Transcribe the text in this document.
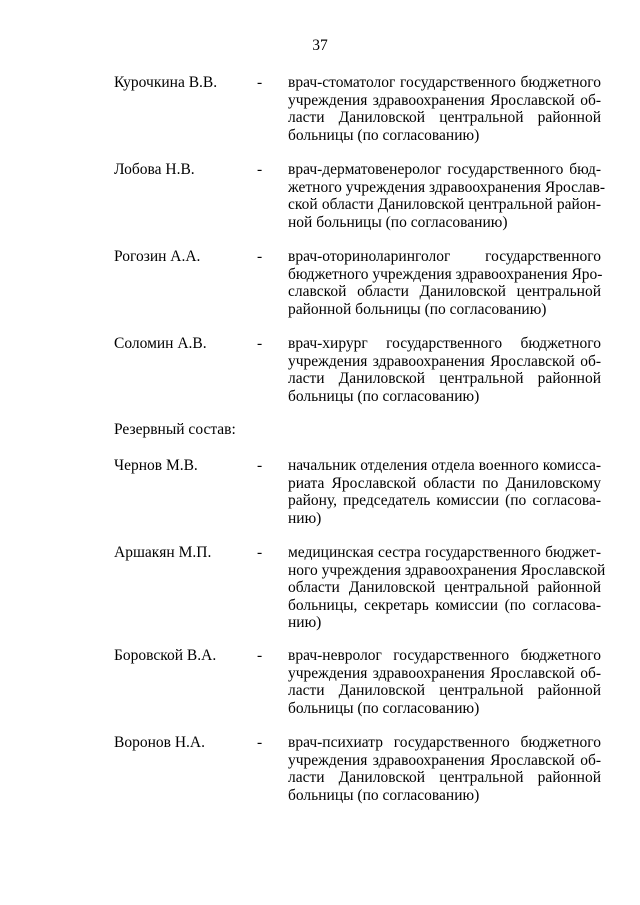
37
Курочкина В.В.	- врач-стоматолог государственного бюджетного
учреждения здравоохранения Ярославской об-
ласти Даниловской центральной районной
больницы (по согласованию)
Лобова Н.В.	- врач-дерматовенеролог государственного бюд-
жетного учреждения здравоохранения Ярослав-
ской области Даниловской центральной район-
ной больницы (по согласованию)
Рогозин А.А.	- врач-оториноларинголог государственного
бюджетного учреждения здравоохранения Яро-
славской области Даниловской центральной
районной больницы (по согласованию)
Соломин А.В.	- врач-хирург государственного бюджетного
учреждения здравоохранения Ярославской об-
ласти Даниловской центральной районной
больницы (по согласованию)
Резервный состав:
Чернов М.В.	- начальник отделения отдела военного комисса-
риата Ярославской области по Даниловскому
району, председатель комиссии (по согласова-
нию)
Аршакян М.П.	- медицинская сестра государственного бюджет-
ного учреждения здравоохранения Ярославской
области Даниловской центральной районной
больницы, секретарь комиссии (по согласова-
нию)
Боровской В.А.	- врач-невролог государственного бюджетного
учреждения здравоохранения Ярославской об-
ласти Даниловской центральной районной
больницы (по согласованию)
Воронов Н.А.	- врач-психиатр государственного бюджетного
учреждения здравоохранения Ярославской об-
ласти Даниловской центральной районной
больницы (по согласованию)
